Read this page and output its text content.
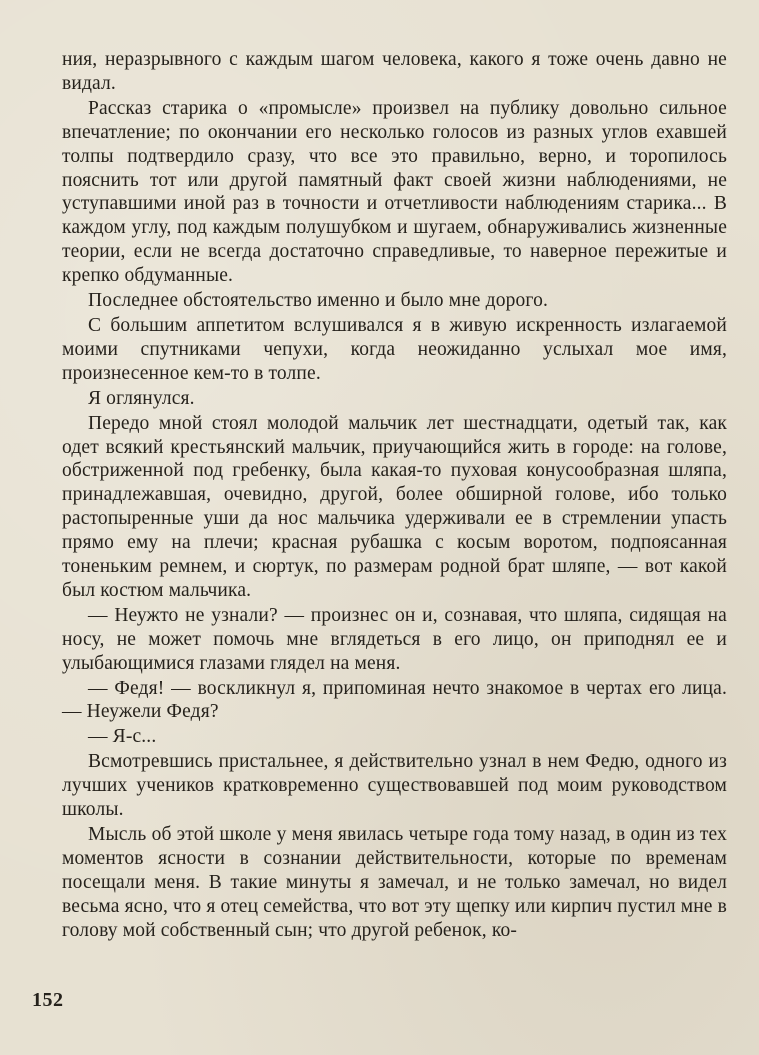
ния, неразрывного с каждым шагом человека, какого я тоже очень давно не видал.

Рассказ старика о «промысле» произвел на публику довольно сильное впечатление; по окончании его несколько голосов из разных углов ехавшей толпы подтвердило сразу, что все это правильно, верно, и торопилось пояснить тот или другой памятный факт своей жизни наблюдениями, не уступавшими иной раз в точности и отчетливости наблюдениям старика... В каждом углу, под каждым полушубком и шугаем, обнаруживались жизненные теории, если не всегда достаточно справедливые, то наверное пережитые и крепко обдуманные.

Последнее обстоятельство именно и было мне дорого.

С большим аппетитом вслушивался я в живую искренность излагаемой моими спутниками чепухи, когда неожиданно услыхал мое имя, произнесенное кем-то в толпе.

Я оглянулся.

Передо мной стоял молодой мальчик лет шестнадцати, одетый так, как одет всякий крестьянский мальчик, приучающийся жить в городе: на голове, обстриженной под гребенку, была какая-то пуховая конусообразная шляпа, принадлежавшая, очевидно, другой, более обширной голове, ибо только растопыренные уши да нос мальчика удерживали ее в стремлении упасть прямо ему на плечи; красная рубашка с косым воротом, подпоясанная тоненьким ремнем, и сюртук, по размерам родной брат шляпе, — вот какой был костюм мальчика.

— Неужто не узнали? — произнес он и, сознавая, что шляпа, сидящая на носу, не может помочь мне вглядеться в его лицо, он приподнял ее и улыбающимися глазами глядел на меня.

— Федя! — воскликнул я, припоминая нечто знакомое в чертах его лица. — Неужели Федя?

— Я-с...

Всмотревшись пристальнее, я действительно узнал в нем Федю, одного из лучших учеников кратковременно существовавшей под моим руководством школы.

Мысль об этой школе у меня явилась четыре года тому назад, в один из тех моментов ясности в сознании действительности, которые по временам посещали меня. В такие минуты я замечал, и не только замечал, но видел весьма ясно, что я отец семейства, что вот эту щепку или кирпич пустил мне в голову мой собственный сын; что другой ребенок, ко-

152
